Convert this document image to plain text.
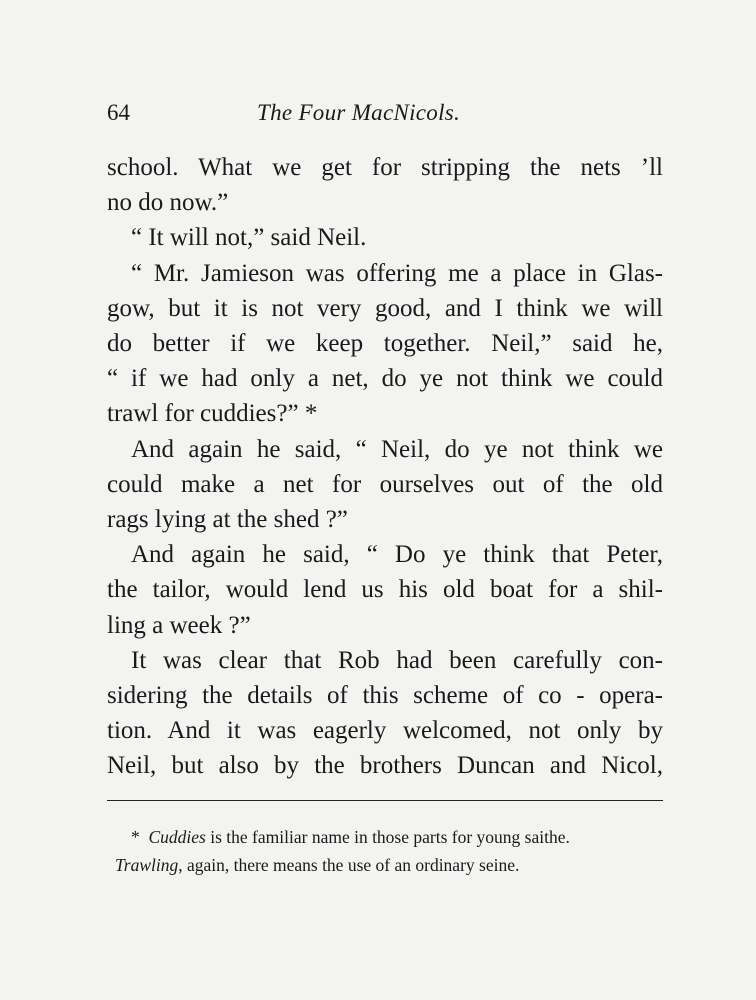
64	The Four MacNicols.
school. What we get for stripping the nets ’ll
no do now.”
“ It will not,” said Neil.
“ Mr. Jamieson was offering me a place in Glas-
gow, but it is not very good, and I think we will
do better if we keep together. Neil,” said he,
“ if we had only a net, do ye not think we could
trawl for cuddies?” *
And again he said, “ Neil, do ye not think we
could make a net for ourselves out of the old
rags lying at the shed ?”
And again he said, “ Do ye think that Peter,
the tailor, would lend us his old boat for a shil-
ling a week ?”
It was clear that Rob had been carefully con-
sidering the details of this scheme of co - opera-
tion. And it was eagerly welcomed, not only by
Neil, but also by the brothers Duncan and Nicol,
* Cuddies is the familiar name in those parts for young saithe.
Trawling, again, there means the use of an ordinary seine.
